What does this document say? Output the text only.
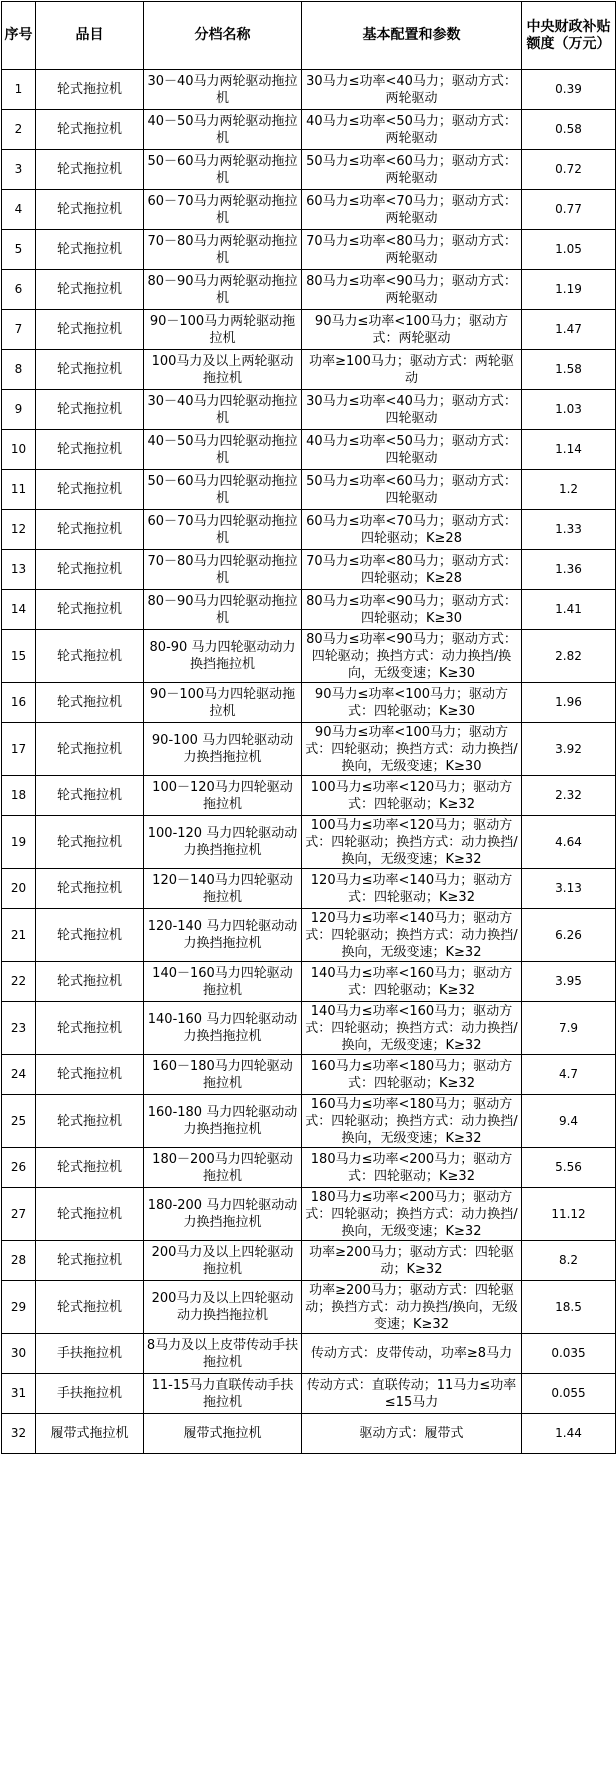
序号	品目	分档名称	基本配置和参数	中央财政补贴额度（万元）
1	轮式拖拉机	30－40马力两轮驱动拖拉机	30马力≤功率<40马力；驱动方式：两轮驱动	0.39
2	轮式拖拉机	40－50马力两轮驱动拖拉机	40马力≤功率<50马力；驱动方式：两轮驱动	0.58
3	轮式拖拉机	50－60马力两轮驱动拖拉机	50马力≤功率<60马力；驱动方式：两轮驱动	0.72
4	轮式拖拉机	60－70马力两轮驱动拖拉机	60马力≤功率<70马力；驱动方式：两轮驱动	0.77
5	轮式拖拉机	70－80马力两轮驱动拖拉机	70马力≤功率<80马力；驱动方式：两轮驱动	1.05
6	轮式拖拉机	80－90马力两轮驱动拖拉机	80马力≤功率<90马力；驱动方式：两轮驱动	1.19
7	轮式拖拉机	90－100马力两轮驱动拖拉机	90马力≤功率<100马力；驱动方式：两轮驱动	1.47
8	轮式拖拉机	100马力及以上两轮驱动拖拉机	功率≥100马力；驱动方式：两轮驱动	1.58
9	轮式拖拉机	30－40马力四轮驱动拖拉机	30马力≤功率<40马力；驱动方式：四轮驱动	1.03
10	轮式拖拉机	40－50马力四轮驱动拖拉机	40马力≤功率<50马力；驱动方式：四轮驱动	1.14
11	轮式拖拉机	50－60马力四轮驱动拖拉机	50马力≤功率<60马力；驱动方式：四轮驱动	1.2
12	轮式拖拉机	60－70马力四轮驱动拖拉机	60马力≤功率<70马力；驱动方式：四轮驱动；K≥28	1.33
13	轮式拖拉机	70－80马力四轮驱动拖拉机	70马力≤功率<80马力；驱动方式：四轮驱动；K≥28	1.36
14	轮式拖拉机	80－90马力四轮驱动拖拉机	80马力≤功率<90马力；驱动方式：四轮驱动；K≥30	1.41
15	轮式拖拉机	80-90 马力四轮驱动动力换挡拖拉机	80马力≤功率<90马力；驱动方式：四轮驱动；换挡方式：动力换挡/换向，无级变速；K≥30	2.82
16	轮式拖拉机	90－100马力四轮驱动拖拉机	90马力≤功率<100马力；驱动方式：四轮驱动；K≥30	1.96
17	轮式拖拉机	90-100 马力四轮驱动动力换挡拖拉机	90马力≤功率<100马力；驱动方式：四轮驱动；换挡方式：动力换挡/换向，无级变速；K≥30	3.92
18	轮式拖拉机	100－120马力四轮驱动拖拉机	100马力≤功率<120马力；驱动方式：四轮驱动；K≥32	2.32
19	轮式拖拉机	100-120 马力四轮驱动动力换挡拖拉机	100马力≤功率<120马力；驱动方式：四轮驱动；换挡方式：动力换挡/换向，无级变速；K≥32	4.64
20	轮式拖拉机	120－140马力四轮驱动拖拉机	120马力≤功率<140马力；驱动方式：四轮驱动；K≥32	3.13
21	轮式拖拉机	120-140 马力四轮驱动动力换挡拖拉机	120马力≤功率<140马力；驱动方式：四轮驱动；换挡方式：动力换挡/换向，无级变速；K≥32	6.26
22	轮式拖拉机	140－160马力四轮驱动拖拉机	140马力≤功率<160马力；驱动方式：四轮驱动；K≥32	3.95
23	轮式拖拉机	140-160 马力四轮驱动动力换挡拖拉机	140马力≤功率<160马力；驱动方式：四轮驱动；换挡方式：动力换挡/换向，无级变速；K≥32	7.9
24	轮式拖拉机	160－180马力四轮驱动拖拉机	160马力≤功率<180马力；驱动方式：四轮驱动；K≥32	4.7
25	轮式拖拉机	160-180 马力四轮驱动动力换挡拖拉机	160马力≤功率<180马力；驱动方式：四轮驱动；换挡方式：动力换挡/换向，无级变速；K≥32	9.4
26	轮式拖拉机	180－200马力四轮驱动拖拉机	180马力≤功率<200马力；驱动方式：四轮驱动；K≥32	5.56
27	轮式拖拉机	180-200 马力四轮驱动动力换挡拖拉机	180马力≤功率<200马力；驱动方式：四轮驱动；换挡方式：动力换挡/换向，无级变速；K≥32	11.12
28	轮式拖拉机	200马力及以上四轮驱动拖拉机	功率≥200马力；驱动方式：四轮驱动；K≥32	8.2
29	轮式拖拉机	200马力及以上四轮驱动动力换挡拖拉机	功率≥200马力；驱动方式：四轮驱动；换挡方式：动力换挡/换向，无级变速；K≥32	18.5
30	手扶拖拉机	8马力及以上皮带传动手扶拖拉机	传动方式：皮带传动，功率≥8马力	0.035
31	手扶拖拉机	11-15马力直联传动手扶拖拉机	传动方式：直联传动；11马力≤功率≤15马力	0.055
32	履带式拖拉机	履带式拖拉机	驱动方式：履带式	1.44
